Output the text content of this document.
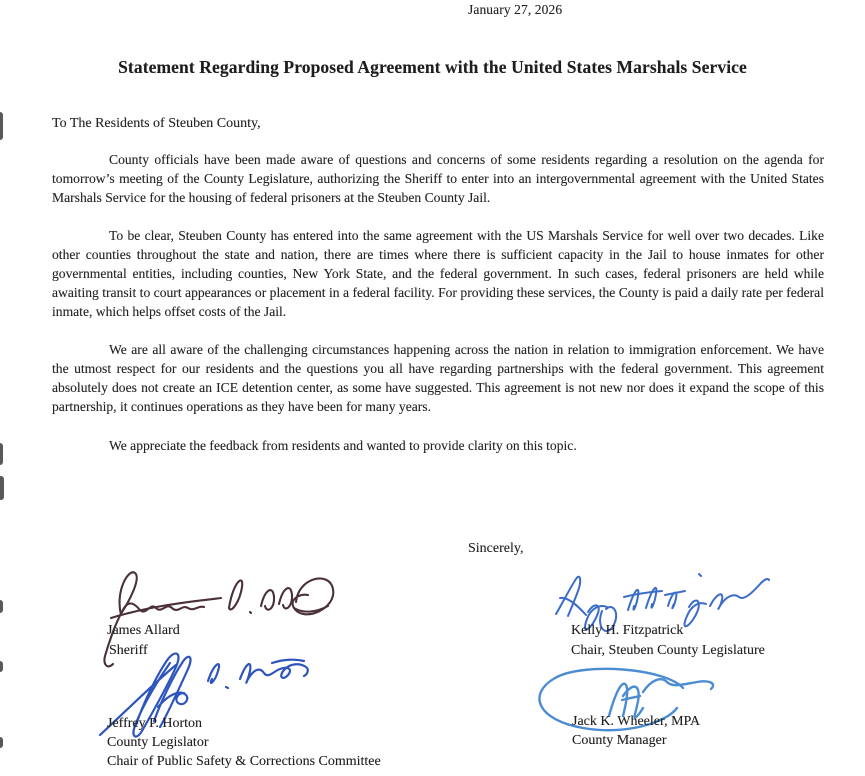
January 27, 2026
Statement Regarding Proposed Agreement with the United States Marshals Service
To The Residents of Steuben County,

County officials have been made aware of questions and concerns of some residents regarding a resolution on the agenda for tomorrow’s meeting of the County Legislature, authorizing the Sheriff to enter into an intergovernmental agreement with the United States Marshals Service for the housing of federal prisoners at the Steuben County Jail.

To be clear, Steuben County has entered into the same agreement with the US Marshals Service for well over two decades. Like other counties throughout the state and nation, there are times where there is sufficient capacity in the Jail to house inmates for other governmental entities, including counties, New York State, and the federal government. In such cases, federal prisoners are held while awaiting transit to court appearances or placement in a federal facility. For providing these services, the County is paid a daily rate per federal inmate, which helps offset costs of the Jail.

We are all aware of the challenging circumstances happening across the nation in relation to immigration enforcement. We have the utmost respect for our residents and the questions you all have regarding partnerships with the federal government. This agreement absolutely does not create an ICE detention center, as some have suggested. This agreement is not new nor does it expand the scope of this partnership, it continues operations as they have been for many years.

We appreciate the feedback from residents and wanted to provide clarity on this topic.

Sincerely,
James Allard
Sheriff
Kelly H. Fitzpatrick
Chair, Steuben County Legislature
Jeffrey P. Horton
County Legislator
Chair of Public Safety & Corrections Committee
Jack K. Wheeler, MPA
County Manager
